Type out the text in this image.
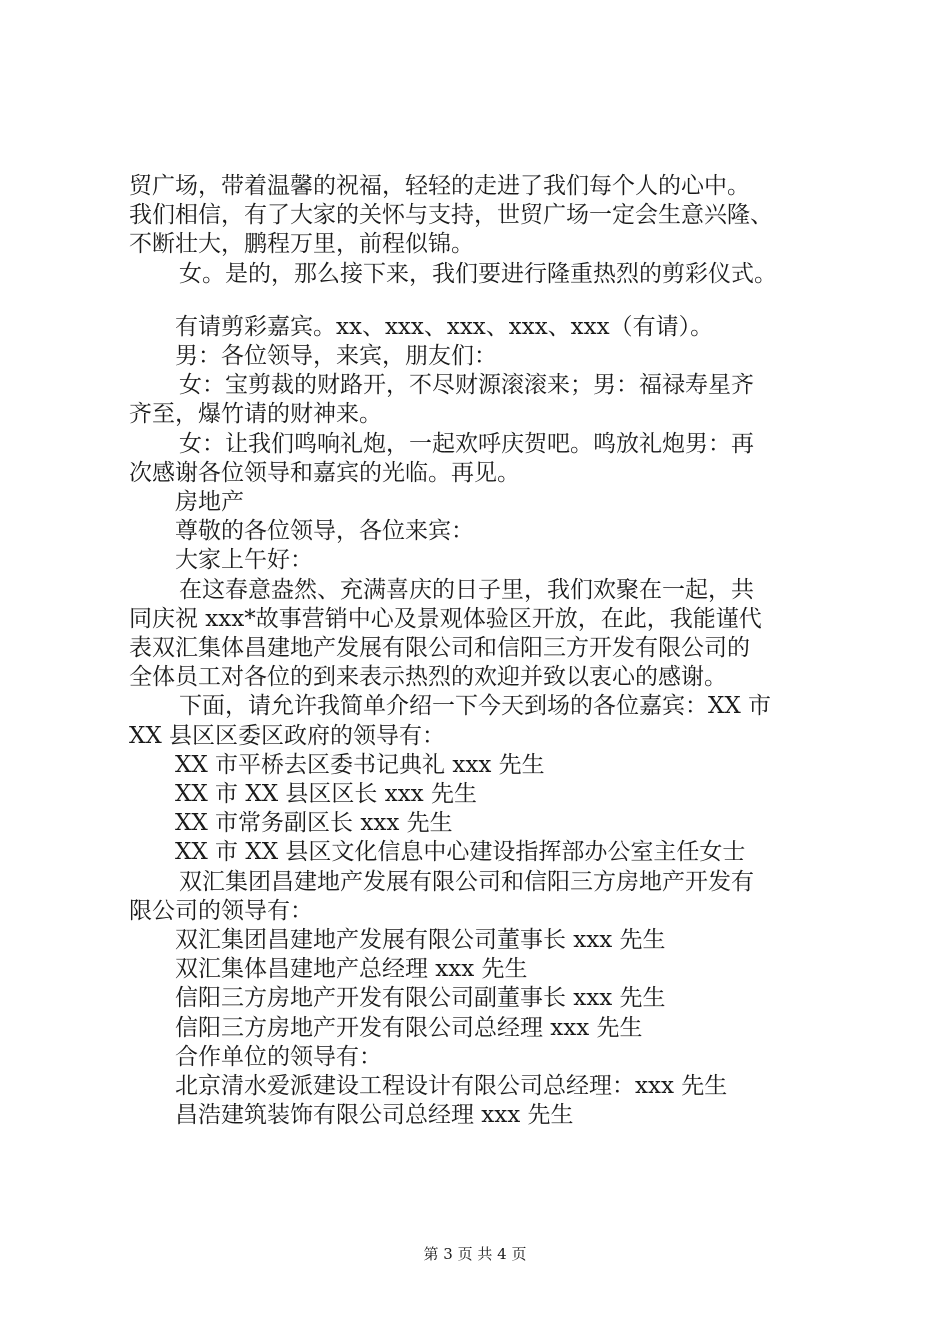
贸广场，带着温馨的祝福，轻轻的走进了我们每个人的心中。
我们相信，有了大家的关怀与支持，世贸广场一定会生意兴隆、
不断壮大，鹏程万里，前程似锦。
女。是的，那么接下来，我们要进行隆重热烈的剪彩仪式。
有请剪彩嘉宾。xx、xxx、xxx、xxx、xxx（有请）。
男：各位领导，来宾，朋友们：
女：宝剪裁的财路开，不尽财源滚滚来；男：福禄寿星齐
齐至，爆竹请的财神来。
女：让我们鸣响礼炮，一起欢呼庆贺吧。鸣放礼炮男：再
次感谢各位领导和嘉宾的光临。再见。
房地产
尊敬的各位领导，各位来宾：
大家上午好：
在这春意盎然、充满喜庆的日子里，我们欢聚在一起，共
同庆祝 xxx*故事营销中心及景观体验区开放，在此，我能谨代
表双汇集体昌建地产发展有限公司和信阳三方开发有限公司的
全体员工对各位的到来表示热烈的欢迎并致以衷心的感谢。
下面，请允许我简单介绍一下今天到场的各位嘉宾：XX 市
XX 县区区委区政府的领导有：
XX 市平桥去区委书记典礼 xxx 先生
XX 市 XX 县区区长 xxx 先生
XX 市常务副区长 xxx 先生
XX 市 XX 县区文化信息中心建设指挥部办公室主任女士
双汇集团昌建地产发展有限公司和信阳三方房地产开发有
限公司的领导有：
双汇集团昌建地产发展有限公司董事长 xxx 先生
双汇集体昌建地产总经理 xxx 先生
信阳三方房地产开发有限公司副董事长 xxx 先生
信阳三方房地产开发有限公司总经理 xxx 先生
合作单位的领导有：
北京清水爱派建设工程设计有限公司总经理：xxx 先生
昌浩建筑装饰有限公司总经理 xxx 先生
第 3 页 共 4 页
